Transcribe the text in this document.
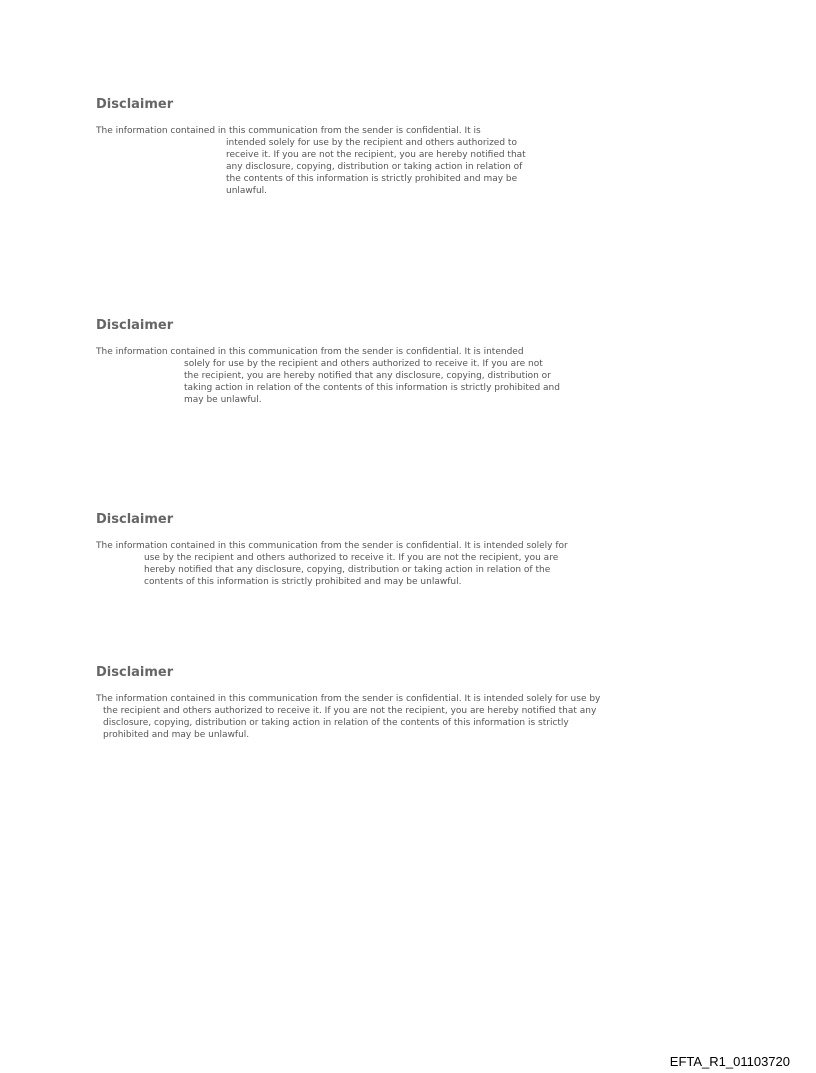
Disclaimer
The information contained in this communication from the sender is confidential. It is
intended solely for use by the recipient and others authorized to
receive it. If you are not the recipient, you are hereby notified that
any disclosure, copying, distribution or taking action in relation of
the contents of this information is strictly prohibited and may be
unlawful.
Disclaimer
The information contained in this communication from the sender is confidential. It is intended
solely for use by the recipient and others authorized to receive it. If you are not
the recipient, you are hereby notified that any disclosure, copying, distribution or
taking action in relation of the contents of this information is strictly prohibited and
may be unlawful.
Disclaimer
The information contained in this communication from the sender is confidential. It is intended solely for
use by the recipient and others authorized to receive it. If you are not the recipient, you are
hereby notified that any disclosure, copying, distribution or taking action in relation of the
contents of this information is strictly prohibited and may be unlawful.
Disclaimer
The information contained in this communication from the sender is confidential. It is intended solely for use by
the recipient and others authorized to receive it. If you are not the recipient, you are hereby notified that any
disclosure, copying, distribution or taking action in relation of the contents of this information is strictly
prohibited and may be unlawful.
EFTA_R1_01103720
